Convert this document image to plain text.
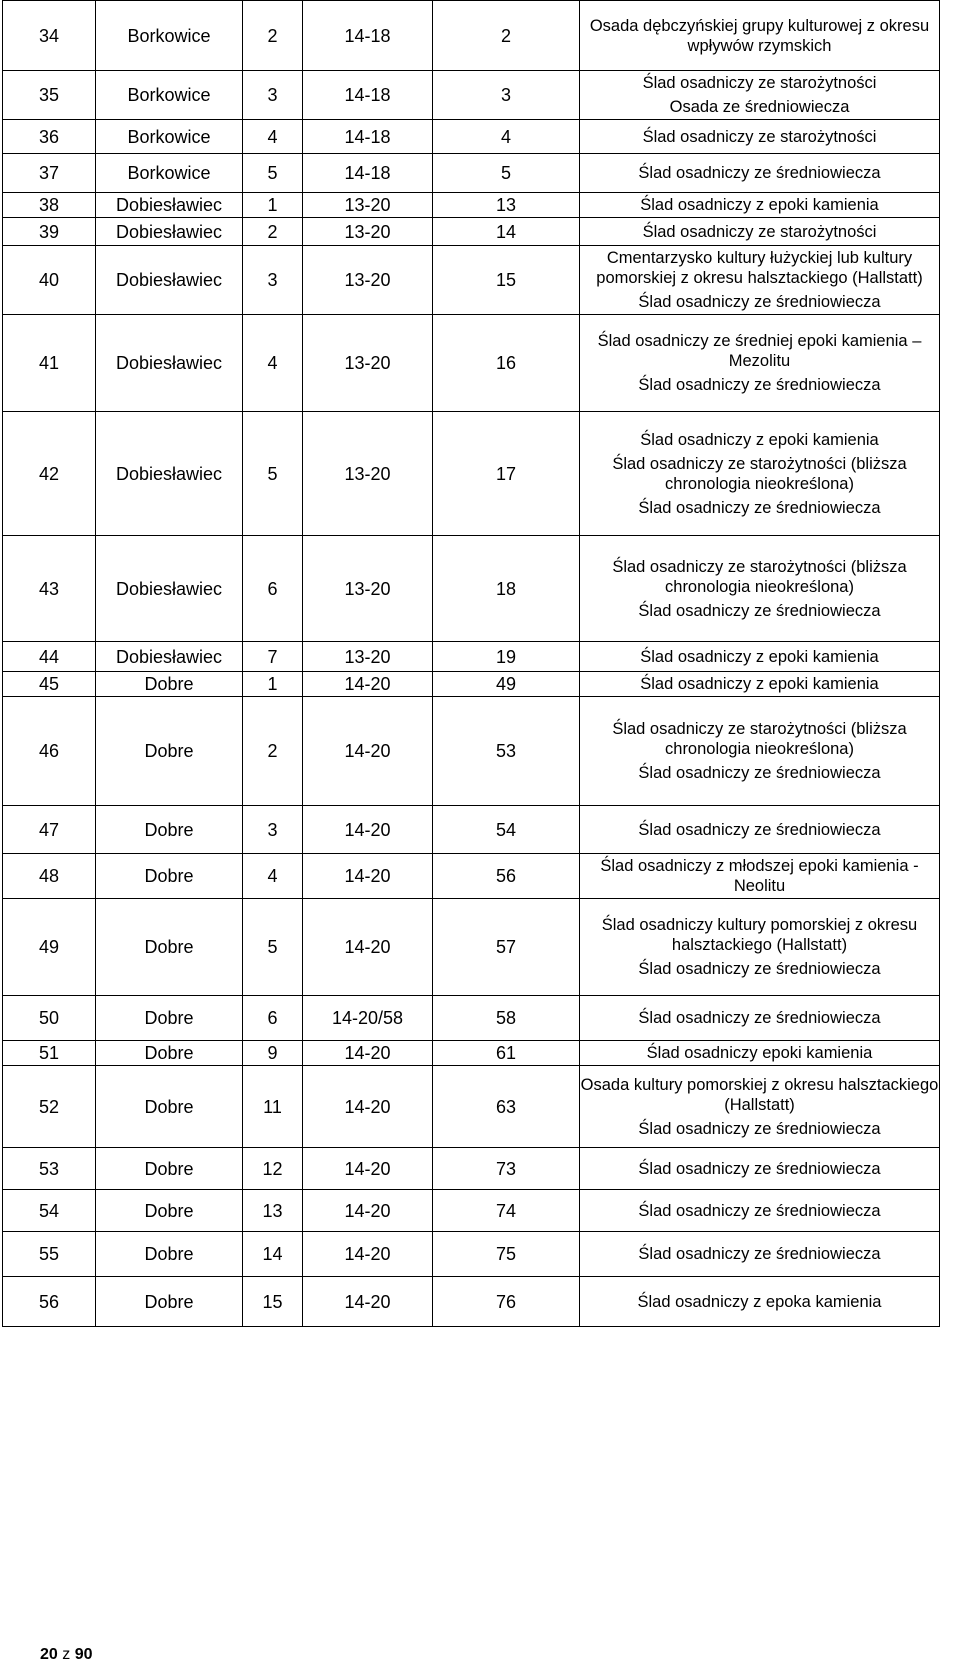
34	Borkowice	2	14-18	2	Osada dębczyńskiej grupy kulturowej z okresu wpływów rzymskich

35	Borkowice	3	14-18	3	Ślad osadniczy ze starożytności
Osada ze średniowiecza

36	Borkowice	4	14-18	4	Ślad osadniczy ze starożytności

37	Borkowice	5	14-18	5	Ślad osadniczy ze średniowiecza

38	Dobiesławiec	1	13-20	13	Ślad osadniczy z epoki kamienia

39	Dobiesławiec	2	13-20	14	Ślad osadniczy ze starożytności

40	Dobiesławiec	3	13-20	15	Cmentarzysko kultury łużyckiej lub kultury pomorskiej z okresu halsztackiego (Hallstatt)
Ślad osadniczy ze średniowiecza

41	Dobiesławiec	4	13-20	16	Ślad osadniczy ze średniej epoki kamienia – Mezolitu
Ślad osadniczy ze średniowiecza

42	Dobiesławiec	5	13-20	17	Ślad osadniczy z epoki kamienia
Ślad osadniczy ze starożytności (bliższa chronologia nieokreślona)
Ślad osadniczy ze średniowiecza

43	Dobiesławiec	6	13-20	18	Ślad osadniczy ze starożytności (bliższa chronologia nieokreślona)
Ślad osadniczy ze średniowiecza

44	Dobiesławiec	7	13-20	19	Ślad osadniczy z epoki kamienia

45	Dobre	1	14-20	49	Ślad osadniczy z epoki kamienia

46	Dobre	2	14-20	53	Ślad osadniczy ze starożytności (bliższa chronologia nieokreślona)
Ślad osadniczy ze średniowiecza

47	Dobre	3	14-20	54	Ślad osadniczy ze średniowiecza

48	Dobre	4	14-20	56	Ślad osadniczy z młodszej epoki kamienia - Neolitu

49	Dobre	5	14-20	57	Ślad osadniczy kultury pomorskiej z okresu halsztackiego (Hallstatt)
Ślad osadniczy ze średniowiecza

50	Dobre	6	14-20/58	58	Ślad osadniczy ze średniowiecza

51	Dobre	9	14-20	61	Ślad osadniczy epoki kamienia

52	Dobre	11	14-20	63	Osada kultury pomorskiej z okresu halsztackiego (Hallstatt)
Ślad osadniczy ze średniowiecza

53	Dobre	12	14-20	73	Ślad osadniczy ze średniowiecza

54	Dobre	13	14-20	74	Ślad osadniczy ze średniowiecza

55	Dobre	14	14-20	75	Ślad osadniczy ze średniowiecza

56	Dobre	15	14-20	76	Ślad osadniczy z epoka kamienia
20 z 90
